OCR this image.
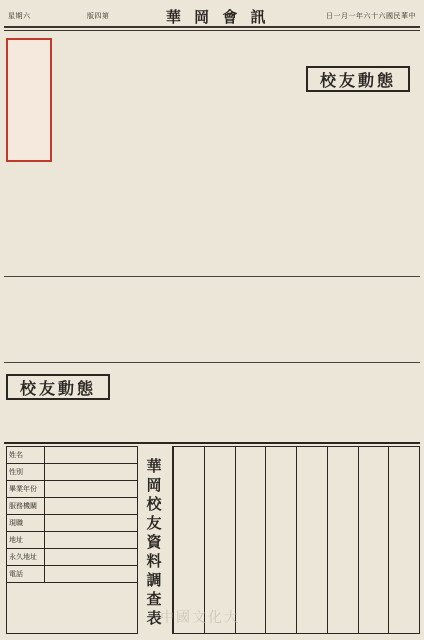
星期六	版四第	華 岡 會 訊	日一月一年六十六國民華中
校友動態
校友動態
姓名
性別
畢業年份
服務機關
現職
地址
永久地址
電話	華岡校友資料調查表
中國文化大
